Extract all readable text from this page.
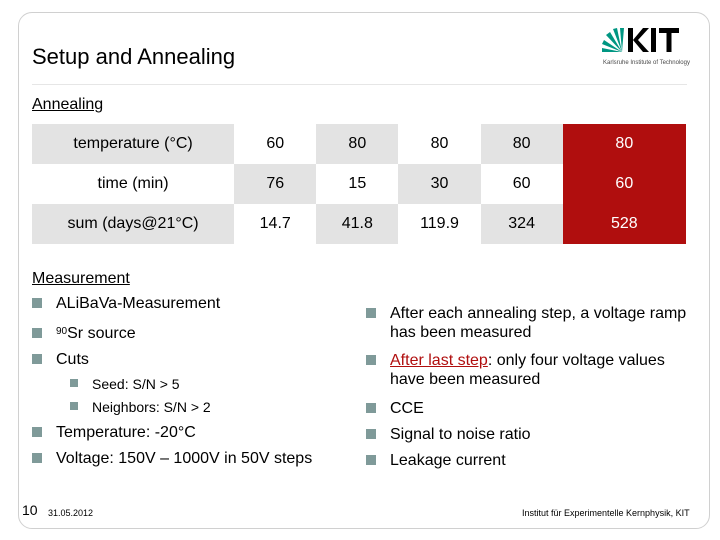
Setup and Annealing	Karlsruhe Institute of Technology
Annealing
temperature (°C)	60	80	80	80	80
time (min)	76	15	30	60	60
sum (days@21°C)	14.7	41.8	119.9	324	528
Measurement
ALiBaVa-Measurement
$^{90}$Sr source
Cuts
Seed: S/N > 5
Neighbors: S/N > 2
Temperature: -20°C
Voltage: 150V – 1000V in 50V steps
After each annealing step, a voltage ramp has been measured
After last step: only four voltage values have been measured
CCE
Signal to noise ratio
Leakage current
10 31.05.2012	Institut für Experimentelle Kernphysik, KIT
